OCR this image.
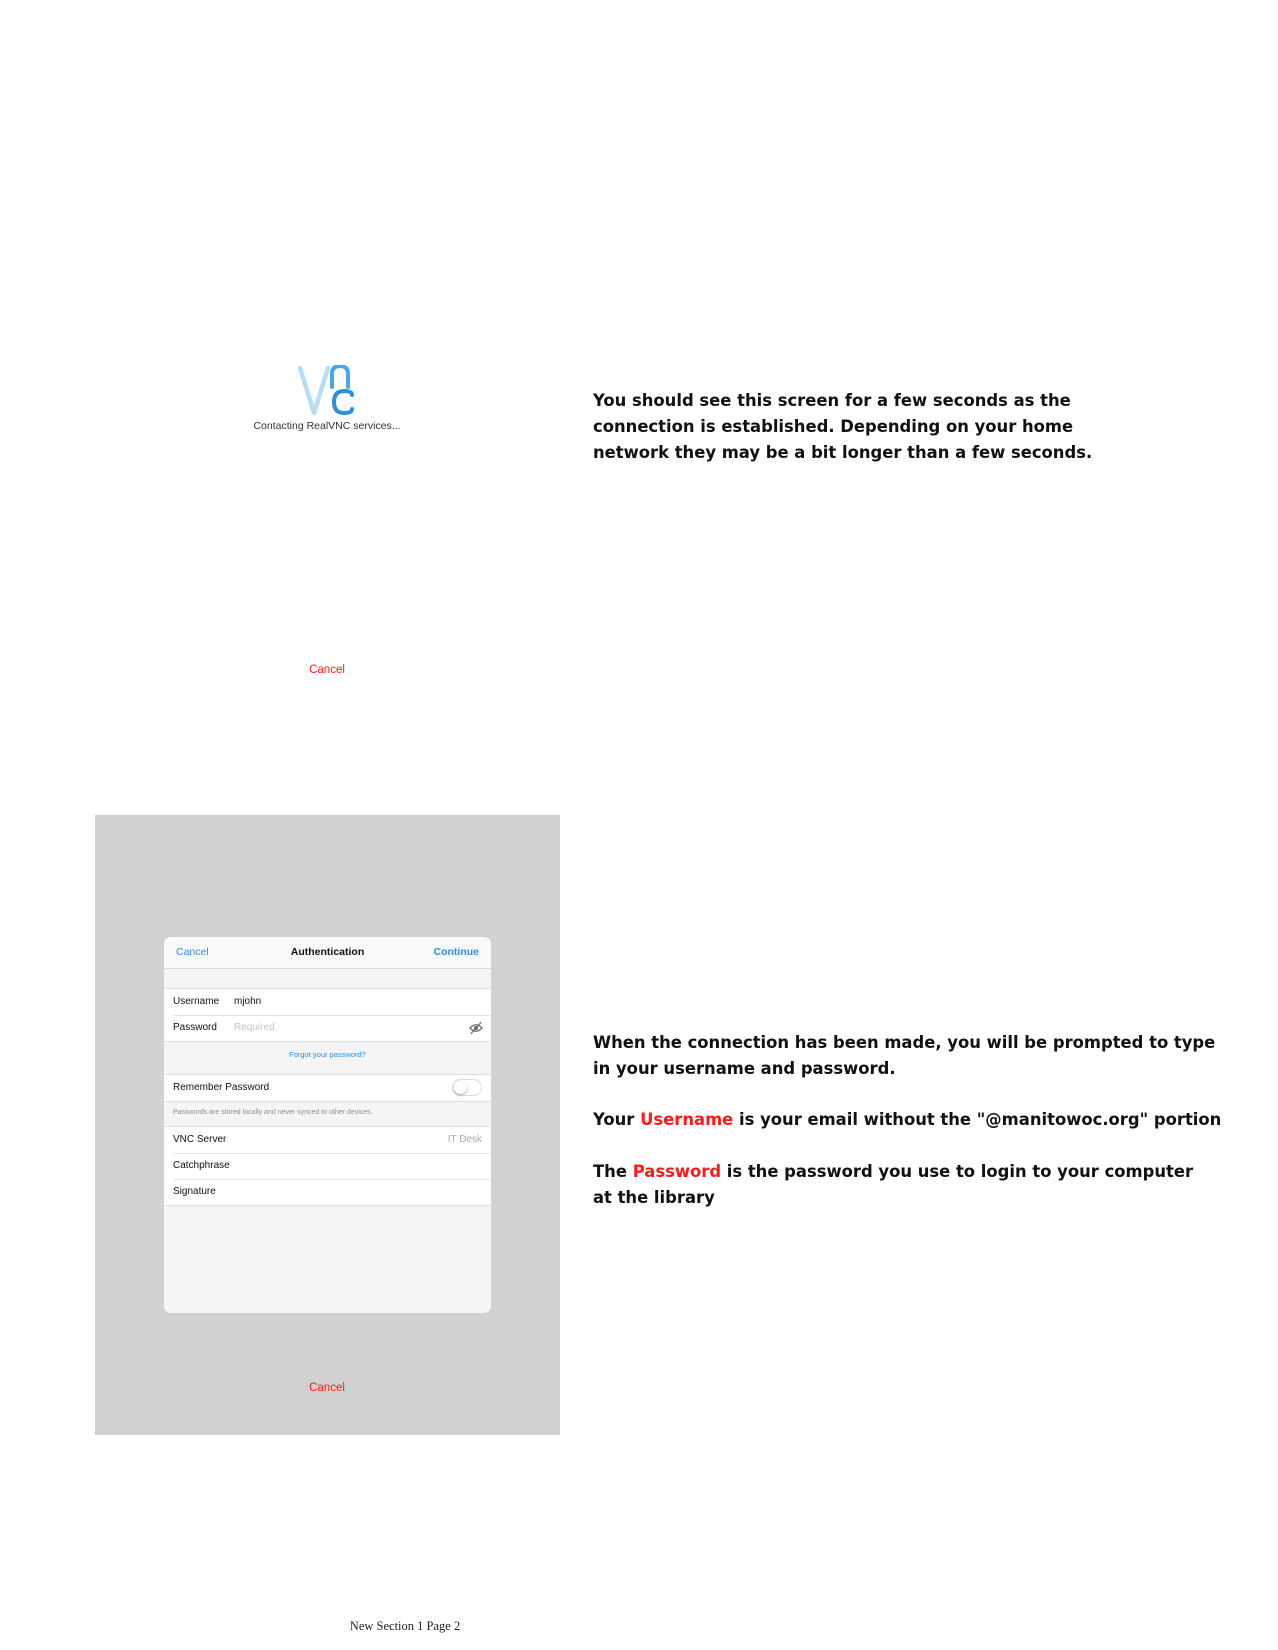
Contacting RealVNC services...
Cancel

You should see this screen for a few seconds as the connection is established. Depending on your home network they may be a bit longer than a few seconds.

When the connection has been made, you will be prompted to type in your username and password.

Your Username is your email without the "@manitowoc.org" portion

The Password is the password you use to login to your computer at the library

Authentication
Cancel	Continue
Username mjohn
Password Required
Forgot your password?
Remember Password
Passwords are stored locally and never synced to other devices.
VNC Server	IT Desk
Catchphrase
Signature
Cancel
New Section 1 Page 2
